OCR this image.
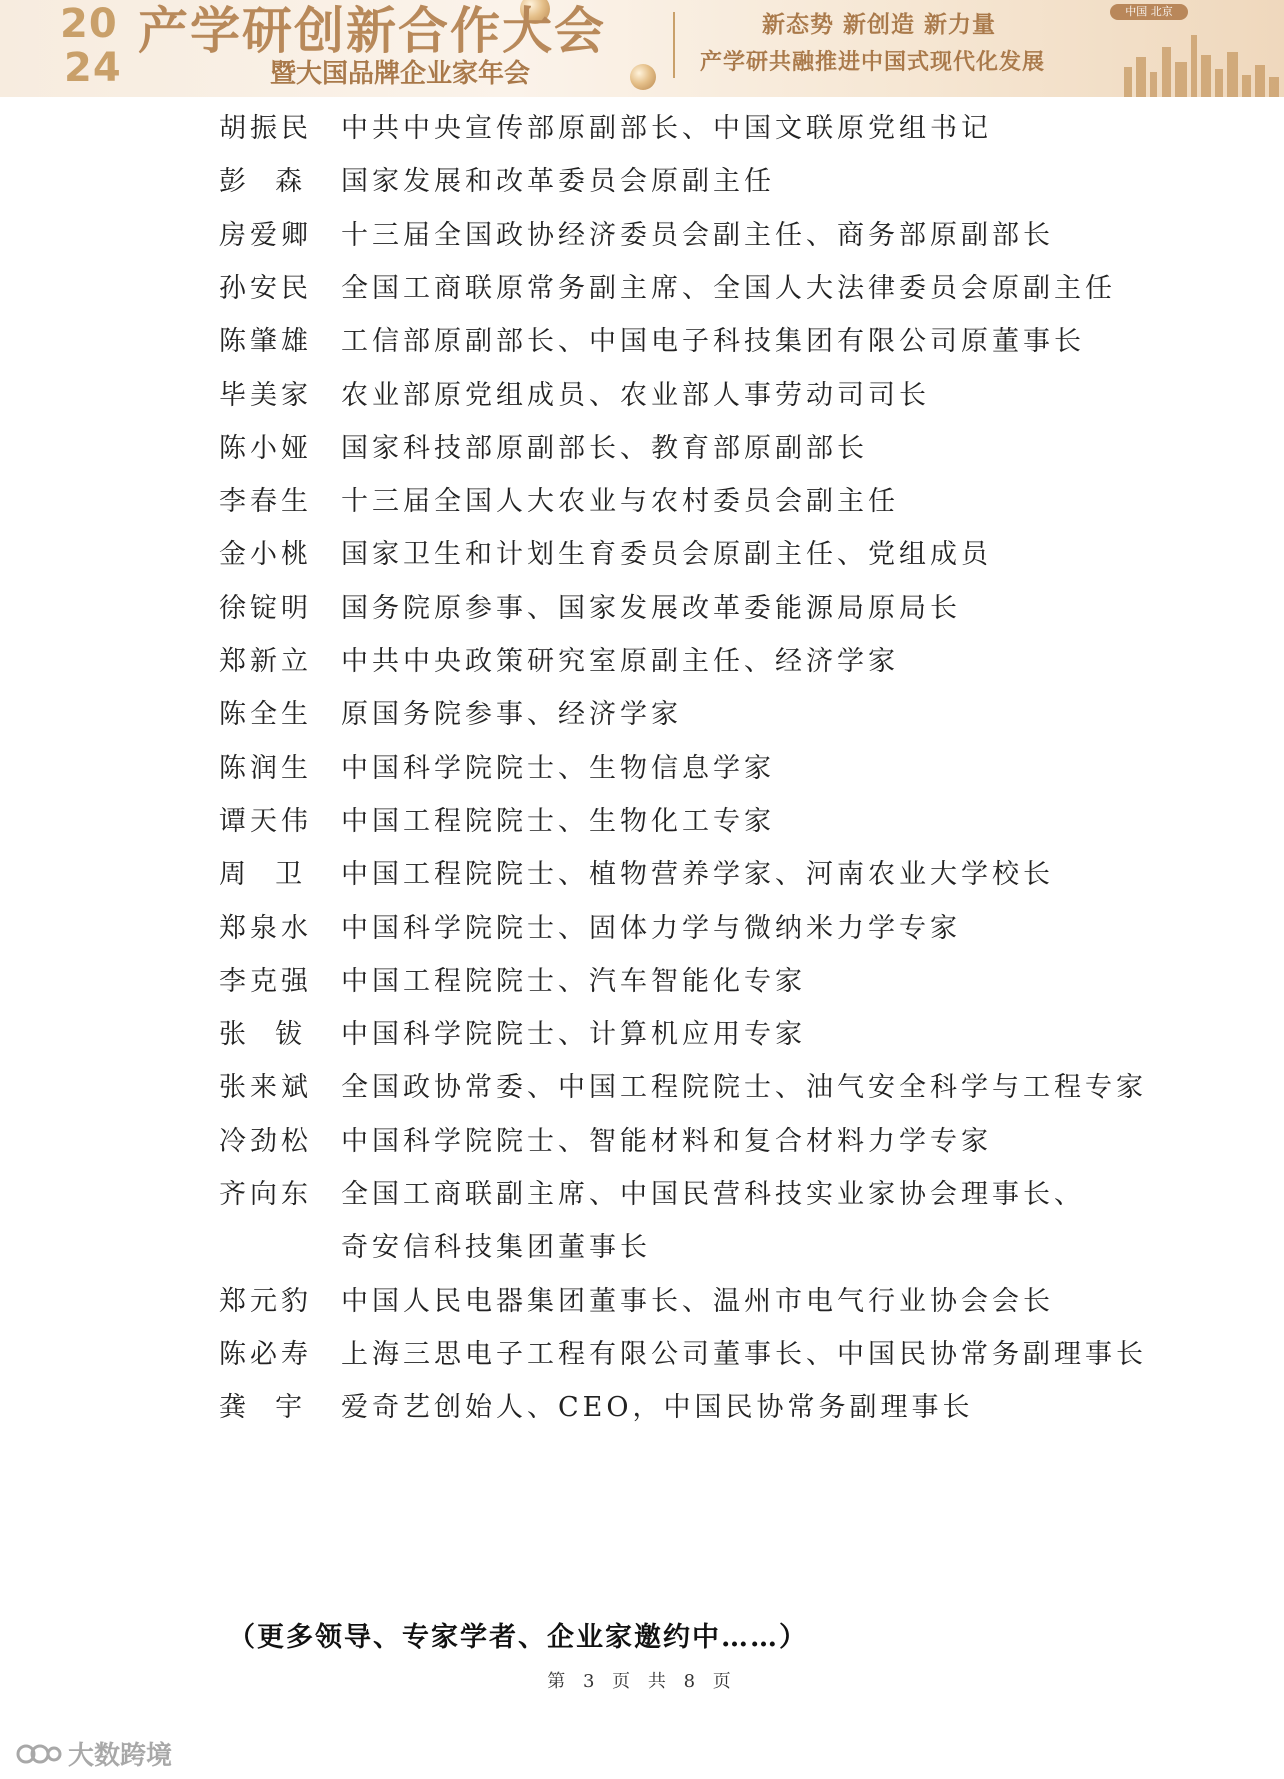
20
24
产学研创新合作大会
暨大国品牌企业家年会
新态势 新创造 新力量
产学研共融推进中国式现代化发展
中国 北京
胡振民 中共中央宣传部原副部长、中国文联原党组书记
彭  森 国家发展和改革委员会原副主任
房爱卿 十三届全国政协经济委员会副主任、商务部原副部长
孙安民 全国工商联原常务副主席、全国人大法律委员会原副主任
陈肇雄 工信部原副部长、中国电子科技集团有限公司原董事长
毕美家 农业部原党组成员、农业部人事劳动司司长
陈小娅 国家科技部原副部长、教育部原副部长
李春生 十三届全国人大农业与农村委员会副主任
金小桃 国家卫生和计划生育委员会原副主任、党组成员
徐锭明 国务院原参事、国家发展改革委能源局原局长
郑新立 中共中央政策研究室原副主任、经济学家
陈全生 原国务院参事、经济学家
陈润生 中国科学院院士、生物信息学家
谭天伟 中国工程院院士、生物化工专家
周  卫 中国工程院院士、植物营养学家、河南农业大学校长
郑泉水 中国科学院院士、固体力学与微纳米力学专家
李克强 中国工程院院士、汽车智能化专家
张  钹 中国科学院院士、计算机应用专家
张来斌 全国政协常委、中国工程院院士、油气安全科学与工程专家
冷劲松 中国科学院院士、智能材料和复合材料力学专家
齐向东 全国工商联副主席、中国民营科技实业家协会理事长、
奇安信科技集团董事长
郑元豹 中国人民电器集团董事长、温州市电气行业协会会长
陈必寿 上海三思电子工程有限公司董事长、中国民协常务副理事长
龚  宇 爱奇艺创始人、CEO，中国民协常务副理事长
（更多领导、专家学者、企业家邀约中……）
第 3 页 共 8 页
大数跨境
